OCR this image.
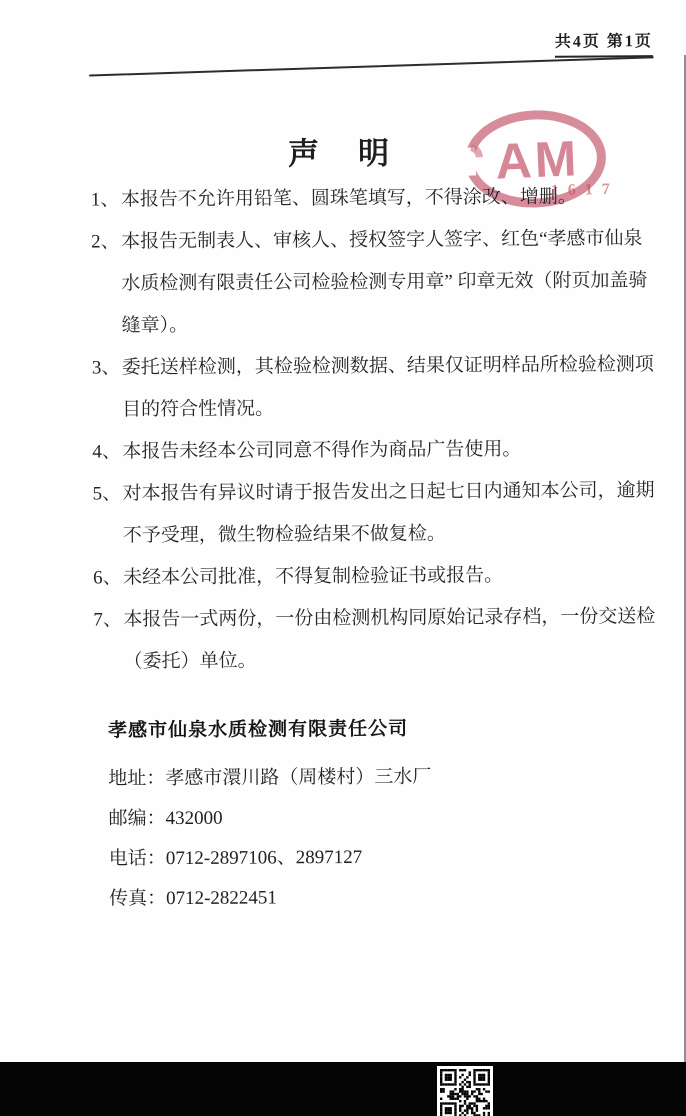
共4页 第1页
声　明	AM
1617
1、本报告不允许用铅笔、圆珠笔填写，不得涂改、增删。
2、本报告无制表人、审核人、授权签字人签字、红色“孝感市仙泉
水质检测有限责任公司检验检测专用章” 印章无效（附页加盖骑
缝章）。
3、委托送样检测，其检验检测数据、结果仅证明样品所检验检测项
目的符合性情况。
4、本报告未经本公司同意不得作为商品广告使用。
5、对本报告有异议时请于报告发出之日起七日内通知本公司，逾期
不予受理，微生物检验结果不做复检。
6、未经本公司批准，不得复制检验证书或报告。
7、本报告一式两份，一份由检测机构同原始记录存档，一份交送检
（委托）单位。
孝感市仙泉水质检测有限责任公司
地址：孝感市澴川路（周楼村）三水厂
邮编：432000
电话：0712-2897106、2897127
传真：0712-2822451
